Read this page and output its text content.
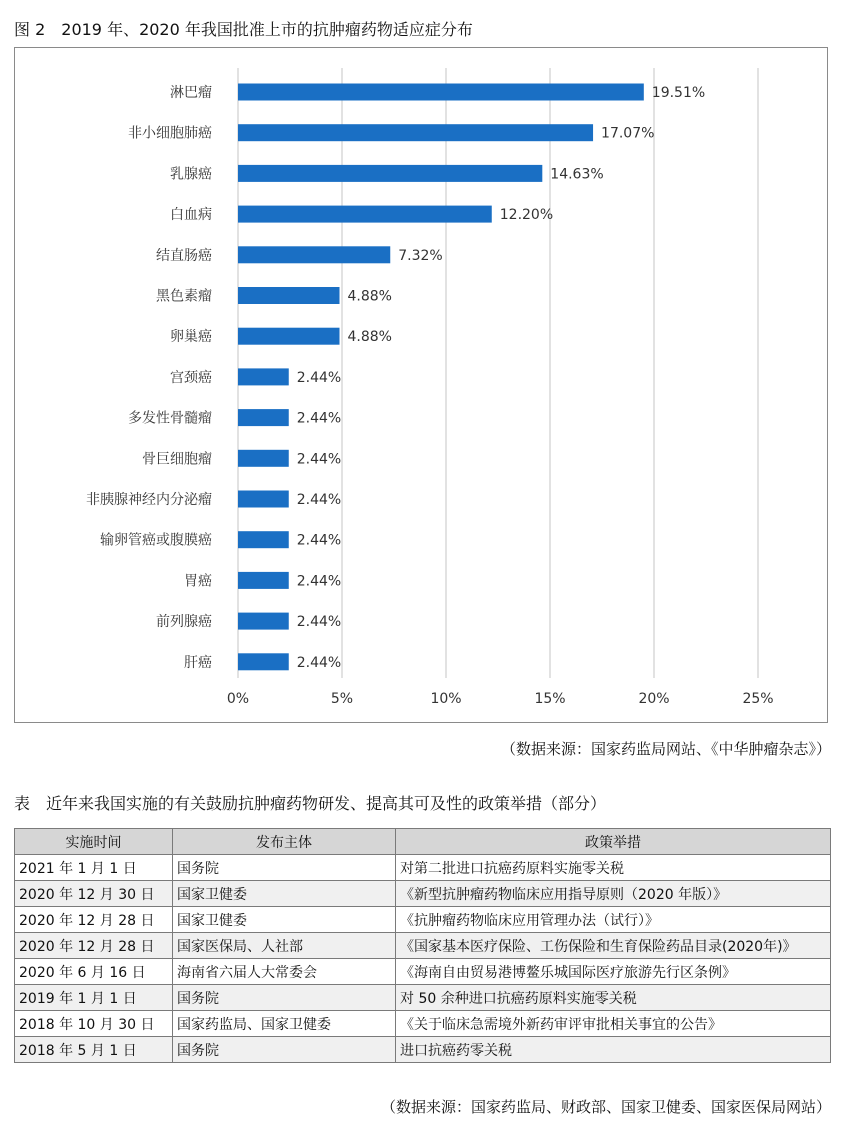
图 2　2019 年、2020 年我国批准上市的抗肿瘤药物适应症分布
淋巴瘤	19.51%
非小细胞肺癌	17.07%
乳腺癌	14.63%
白血病	12.20%
结直肠癌	7.32%
黑色素瘤	4.88%
卵巢癌	4.88%
宫颈癌	2.44%
多发性骨髓瘤	2.44%
骨巨细胞瘤	2.44%
非胰腺神经内分泌瘤	2.44%
输卵管癌或腹膜癌	2.44%
胃癌	2.44%
前列腺癌	2.44%
肝癌	2.44%
0%	5%	10%	15%	20%	25%
（数据来源：国家药监局网站、《中华肿瘤杂志》）
表　近年来我国实施的有关鼓励抗肿瘤药物研发、提高其可及性的政策举措（部分）
实施时间	发布主体	政策举措
2021 年 1 月 1 日	国务院	对第二批进口抗癌药原料实施零关税
2020 年 12 月 30 日	国家卫健委	《新型抗肿瘤药物临床应用指导原则（2020 年版）》
2020 年 12 月 28 日	国家卫健委	《抗肿瘤药物临床应用管理办法（试行）》
2020 年 12 月 28 日	国家医保局、人社部	《国家基本医疗保险、工伤保险和生育保险药品目录(2020年)》
2020 年 6 月 16 日	海南省六届人大常委会	《海南自由贸易港博鳌乐城国际医疗旅游先行区条例》
2019 年 1 月 1 日	国务院	对 50 余种进口抗癌药原料实施零关税
2018 年 10 月 30 日	国家药监局、国家卫健委	《关于临床急需境外新药审评审批相关事宜的公告》
2018 年 5 月 1 日	国务院	进口抗癌药零关税
（数据来源：国家药监局、财政部、国家卫健委、国家医保局网站）
